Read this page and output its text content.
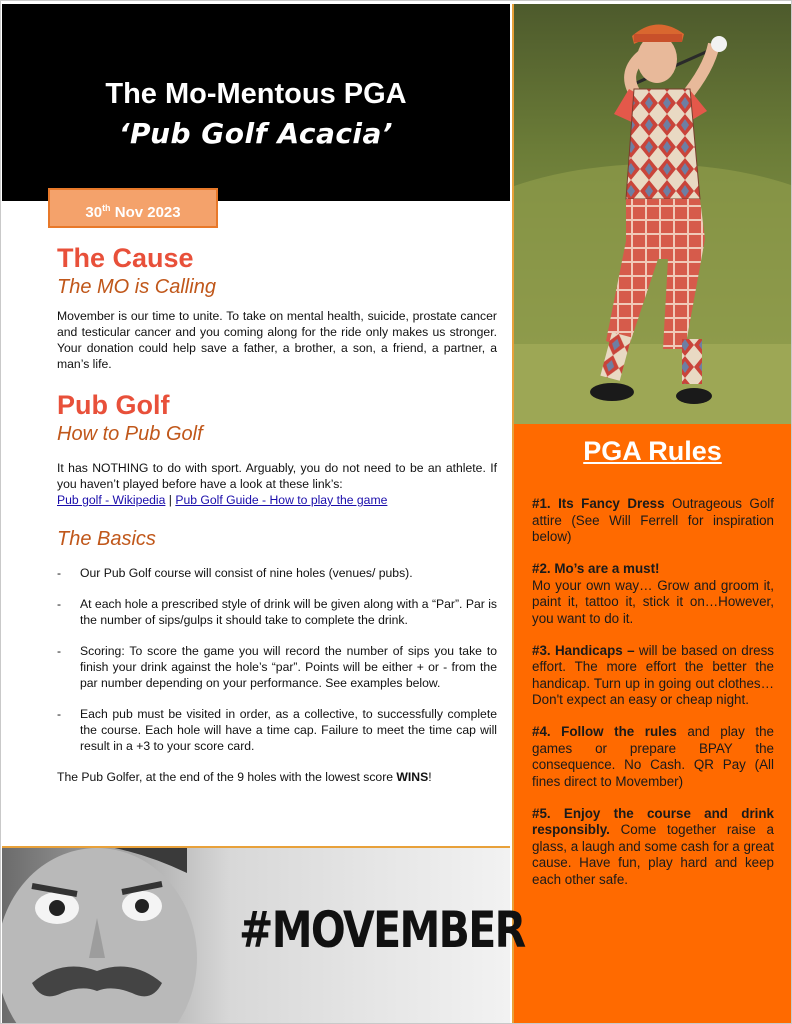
The Mo-Mentous PGA
‘Pub Golf Acacia’
30th Nov 2023
PGA Rules
#1. Its Fancy Dress Outrageous Golf attire (See Will Ferrell for inspiration below)
#2. Mo’s are a must!
Mo your own way… Grow and groom it, paint it, tattoo it, stick it on…However, you want to do it.
#3. Handicaps – will be based on dress effort. The more effort the better the handicap. Turn up in going out clothes… Don't expect an easy or cheap night.
#4. Follow the rules and play the games or prepare BPAY the consequence. No Cash. QR Pay (All fines direct to Movember)
#5. Enjoy the course and drink responsibly. Come together raise a glass, a laugh and some cash for a great cause. Have fun, play hard and keep each other safe.
The Cause
The MO is Calling

Movember is our time to unite. To take on mental health, suicide, prostate cancer and testicular cancer and you coming along for the ride only makes us stronger. Your donation could help save a father, a brother, a son, a friend, a partner, a man’s life.

Pub Golf
How to Pub Golf

It has NOTHING to do with sport. Arguably, you do not need to be an athlete. If you haven’t played before have a look at these link’s:
Pub golf - Wikipedia | Pub Golf Guide - How to play the game

The Basics
- Our Pub Golf course will consist of nine holes (venues/ pubs).
- At each hole a prescribed style of drink will be given along with a “Par”. Par is the number of sips/gulps it should take to complete the drink.
- Scoring: To score the game you will record the number of sips you take to finish your drink against the hole’s “par”. Points will be either + or - from the par number depending on your performance. See examples below.
- Each pub must be visited in order, as a collective, to successfully complete the course. Each hole will have a time cap. Failure to meet the time cap will result in a +3 to your score card.

The Pub Golfer, at the end of the 9 holes with the lowest score WINS!

#MOVEMBER
